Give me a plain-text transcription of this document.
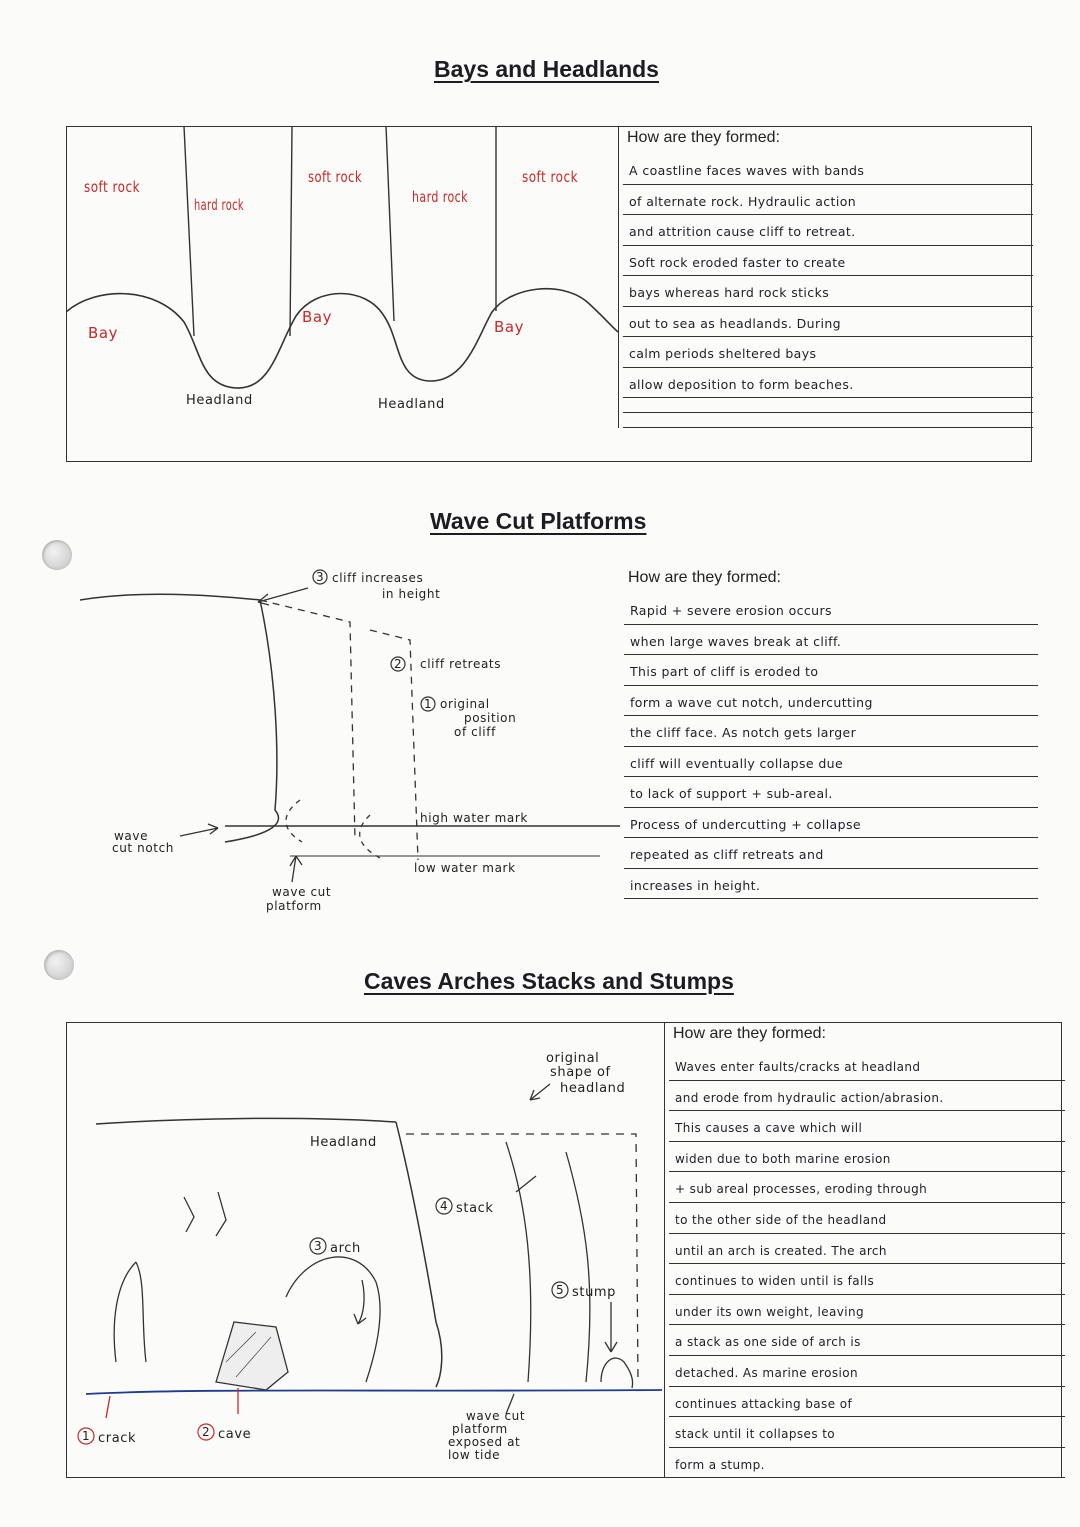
Bays and Headlands
soft rock
hard rock
soft rock
hard rock
soft rock
Bay
Bay
Bay
Headland	Headland
How are they formed:
A coastline faces waves with bands
of alternate rock. Hydraulic action
and attrition cause cliff to retreat.
Soft rock eroded faster to create
bays whereas hard rock sticks
out to sea as headlands. During
calm periods sheltered bays
allow deposition to form beaches.
Wave Cut Platforms
3 cliff increases
in height
2 cliff retreats
1 original
position
of cliff
high water mark
low water mark
wave
cut notch
wave cut
platform
How are they formed:
Rapid + severe erosion occurs
when large waves break at cliff.
This part of cliff is eroded to
form a wave cut notch, undercutting
the cliff face. As notch gets larger
cliff will eventually collapse due
to lack of support + sub-areal.
Process of undercutting + collapse
repeated as cliff retreats and
increases in height.
Caves Arches Stacks and Stumps
original
shape of
headland
Headland
3 arch
4 stack
5 stump
1 crack	2 cave
wave cut
platform
exposed at
low tide
How are they formed:
Waves enter faults/cracks at headland
and erode from hydraulic action/abrasion.
This causes a cave which will
widen due to both marine erosion
+ sub areal processes, eroding through
to the other side of the headland
until an arch is created. The arch
continues to widen until is falls
under its own weight, leaving
a stack as one side of arch is
detached. As marine erosion
continues attacking base of
stack until it collapses to
form a stump.
